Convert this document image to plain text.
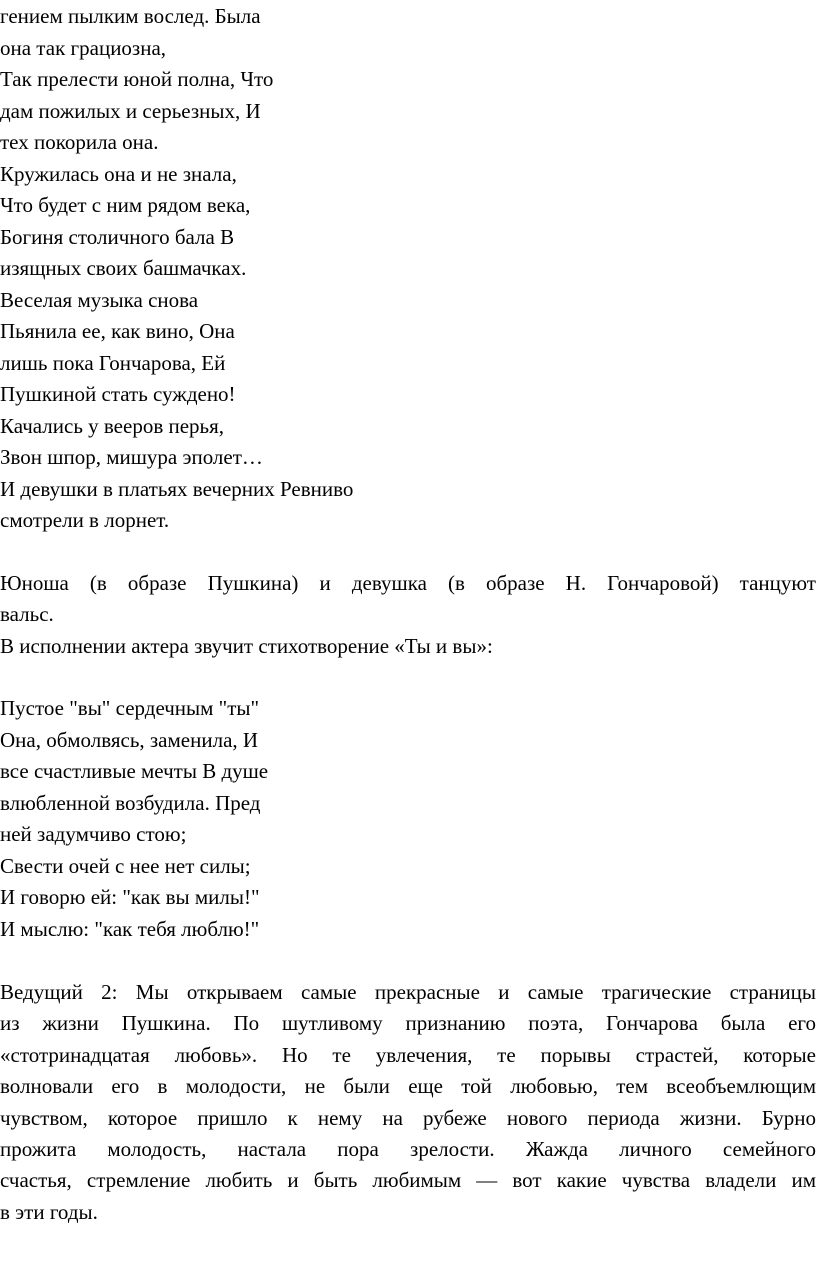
гением пылким вослед. Была

она так грациозна,

Так прелести юной полна, Что

дам пожилых и серьезных, И

тех покорила она.

Кружилась она и не знала,

Что будет с ним рядом века,

Богиня столичного бала В

изящных своих башмачках.

Веселая музыка снова

Пьянила ее, как вино, Она

лишь пока Гончарова, Ей

Пушкиной стать суждено!

Качались у вееров перья,

Звон шпор, мишура эполет…

И девушки в платьях вечерних Ревниво

смотрели в лорнет.

Юноша (в образе Пушкина) и девушка (в образе Н. Гончаровой) танцуют
вальс.
В исполнении актера звучит стихотворение «Ты и вы»:

Пустое "вы" сердечным "ты"

Она, обмолвясь, заменила, И

все счастливые мечты В душе

влюбленной возбудила. Пред

ней задумчиво стою;

Свести очей с нее нет силы;

И говорю ей: "как вы милы!"

И мыслю: "как тебя люблю!"

Ведущий 2: Мы открываем самые прекрасные и самые трагические страницы
из жизни Пушкина. По шутливому признанию поэта, Гончарова была его
«стотринадцатая любовь». Но те увлечения, те порывы страстей, которые
волновали его в молодости, не были еще той любовью, тем всеобъемлющим
чувством, которое пришло к нему на рубеже нового периода жизни. Бурно
прожита молодость, настала пора зрелости. Жажда личного семейного
счастья, стремление любить и быть любимым — вот какие чувства владели им
в эти годы.
